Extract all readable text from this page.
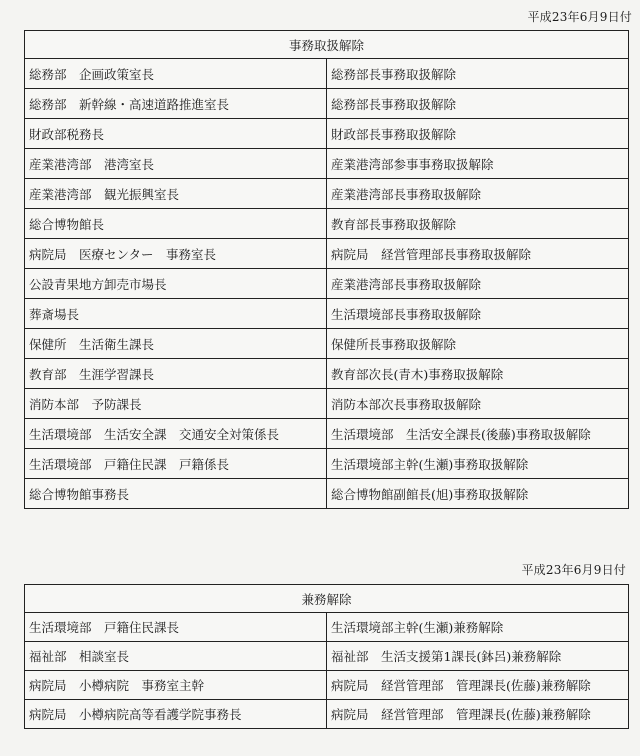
平成23年6月9日付
事務取扱解除	
総務部　企画政策室長	総務部長事務取扱解除
総務部　新幹線・高速道路推進室長	総務部長事務取扱解除
財政部税務長	財政部長事務取扱解除
産業港湾部　港湾室長	産業港湾部参事事務取扱解除
産業港湾部　観光振興室長	産業港湾部長事務取扱解除
総合博物館長	教育部長事務取扱解除
病院局　医療センター　事務室長	病院局　経営管理部長事務取扱解除
公設青果地方卸売市場長	産業港湾部長事務取扱解除
葬斎場長	生活環境部長事務取扱解除
保健所　生活衛生課長	保健所長事務取扱解除
教育部　生涯学習課長	教育部次長(青木)事務取扱解除
消防本部　予防課長	消防本部次長事務取扱解除
生活環境部　生活安全課　交通安全対策係長	生活環境部　生活安全課長(後藤)事務取扱解除
生活環境部　戸籍住民課　戸籍係長	生活環境部主幹(生瀬)事務取扱解除
総合博物館事務長	総合博物館副館長(旭)事務取扱解除
平成23年6月9日付
兼務解除	
生活環境部　戸籍住民課長	生活環境部主幹(生瀬)兼務解除
福祉部　相談室長	福祉部　生活支援第1課長(鉢呂)兼務解除
病院局　小樽病院　事務室主幹	病院局　経営管理部　管理課長(佐藤)兼務解除
病院局　小樽病院高等看護学院事務長	病院局　経営管理部　管理課長(佐藤)兼務解除
